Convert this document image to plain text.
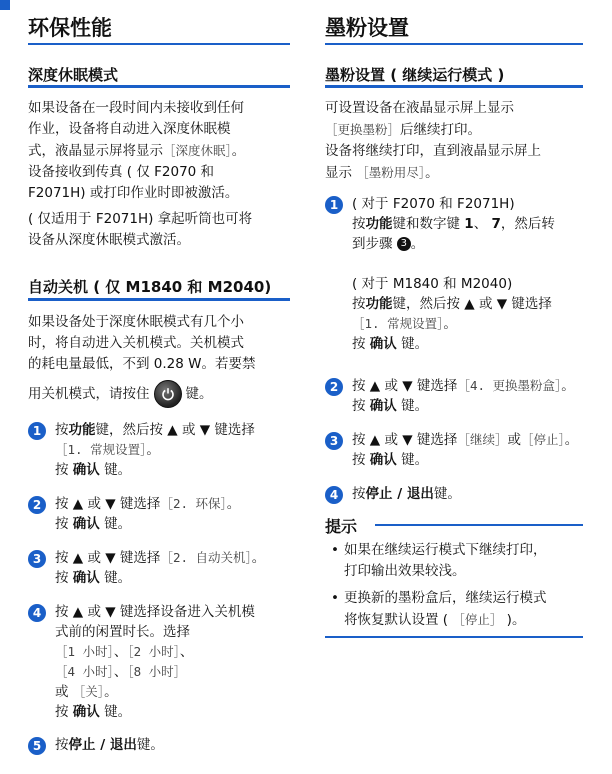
环保性能
深度休眠模式
如果设备在一段时间内未接收到任何
作业，设备将自动进入深度休眠模
式，液晶显示屏将显示［深度休眠］。
设备接收到传真 ( 仅 F2070 和
F2071H) 或打印作业时即被激活。
( 仅适用于 F2071H) 拿起听筒也可将
设备从深度休眠模式激活。
自动关机 ( 仅 M1840 和 M2040)
如果设备处于深度休眠模式有几个小
时，将自动进入关机模式。关机模式
的耗电量最低，不到 0.28 W。若要禁
用关机模式，请按住	键。
1	按功能键，然后按 ▲ 或 ▼ 键选择
［1. 常规设置］。
按 确认 键。
2	按 ▲ 或 ▼ 键选择［2. 环保］。
按 确认 键。
3	按 ▲ 或 ▼ 键选择［2. 自动关机］。
按 确认 键。
4	按 ▲ 或 ▼ 键选择设备进入关机模
式前的闲置时长。选择
［1 小时］、［2 小时］、
［4 小时］、［8 小时］
或 ［关］。
按 确认 键。
5	按停止 / 退出键。
墨粉设置
墨粉设置 ( 继续运行模式 )
可设置设备在液晶显示屏上显示
［更换墨粉］后继续打印。
设备将继续打印，直到液晶显示屏上
显示 ［墨粉用尽］。
1	( 对于 F2070 和 F2071H)
按功能键和数字键 1、 7，然后转
到步骤 3 。
( 对于 M1840 和 M2040)
按功能键，然后按 ▲ 或 ▼ 键选择
［1. 常规设置］。
按 确认 键。
2	按 ▲ 或 ▼ 键选择［4. 更换墨粉盒］。
按 确认 键。
3	按 ▲ 或 ▼ 键选择［继续］或［停止］。
按 确认 键。
4	按停止 / 退出键。
提示
• 如果在继续运行模式下继续打印，
打印输出效果较浅。
• 更换新的墨粉盒后，继续运行模式
将恢复默认设置 ( ［停止］ )。
